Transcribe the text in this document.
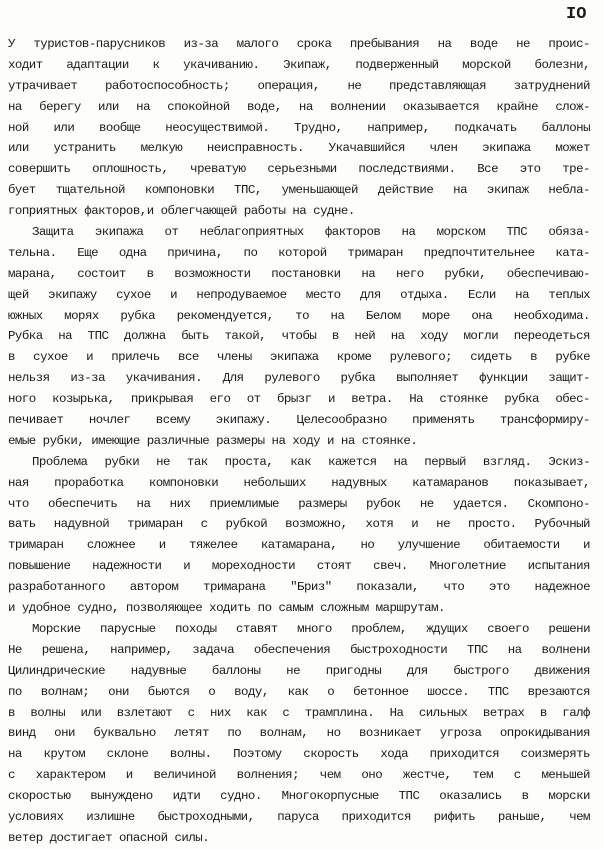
IO
У туристов-парусников из-за малого срока пребывания на воде не проис-
ходит адаптации к укачиванию. Экипаж, подверженный морской болезни,
утрачивает работоспособность; операция, не представляющая затруднений
на берегу или на спокойной воде, на волнении оказывается крайне слож-
ной или вообще неосуществимой. Трудно, например, подкачать баллоны
или устранить мелкую неисправность. Укачавшийся член экипажа может
совершить оплошность, чреватую серьезными последствиями. Все это тре-
бует тщательной компоновки ТПС, уменьшающей действие на экипаж небла-
гоприятных факторов,и облегчающей работы на судне.
Защита экипажа от неблагоприятных факторов на морском ТПС обяза-
тельна. Еще одна причина, по которой тримаран предпочтительнее ката-
марана, состоит в возможности постановки на него рубки, обеспечиваю-
щей экипажу сухое и непродуваемое место для отдыха. Если на теплых
южных морях рубка рекомендуется, то на Белом море она необходима.
Рубка на ТПС должна быть такой, чтобы в ней на ходу могли переодеться
в сухое и прилечь все члены экипажа кроме рулевого; сидеть в рубке
нельзя из-за укачивания. Для рулевого рубка выполняет функции защит-
ного козырька, прикрывая его от брызг и ветра. На стоянке рубка обес-
печивает ночлег всему экипажу. Целесообразно применять трансформиру-
емые рубки, имеющие различные размеры на ходу и на стоянке.
Проблема рубки не так проста, как кажется на первый взгляд. Эскиз-
ная проработка компоновки небольших надувных катамаранов показывает,
что обеспечить на них приемлимые размеры рубок не удается. Скомпоно-
вать надувной тримаран с рубкой возможно, хотя и не просто. Рубочный
тримаран сложнее и тяжелее катамарана, но улучшение обитаемости и
повышение надежности и мореходности стоят свеч. Многолетние испытания
разработанного автором тримарана "Бриз" показали, что это надежное
и удобное судно, позволяющее ходить по самым сложным маршрутам.
Морские парусные походы ставят много проблем, ждущих своего решени
Не решена, например, задача обеспечения быстроходности ТПС на волнени
Цилиндрические надувные баллоны не пригодны для быстрого движения
по волнам; они бьются о воду, как о бетонное шоссе. ТПС врезаются
в волны или взлетают с них как с трамплина. На сильных ветрах в галф
винд они буквально летят по волнам, но возникает угроза опрокидывания
на крутом склоне волны. Поэтому скорость хода приходится соизмерять
с характером и величиной волнения; чем оно жестче, тем с меньшей
скоростью вынуждено идти судно. Многокорпусные ТПС оказались в морски
условиях излишне быстроходными, паруса приходится рифить раньше, чем
ветер достигает опасной силы.
